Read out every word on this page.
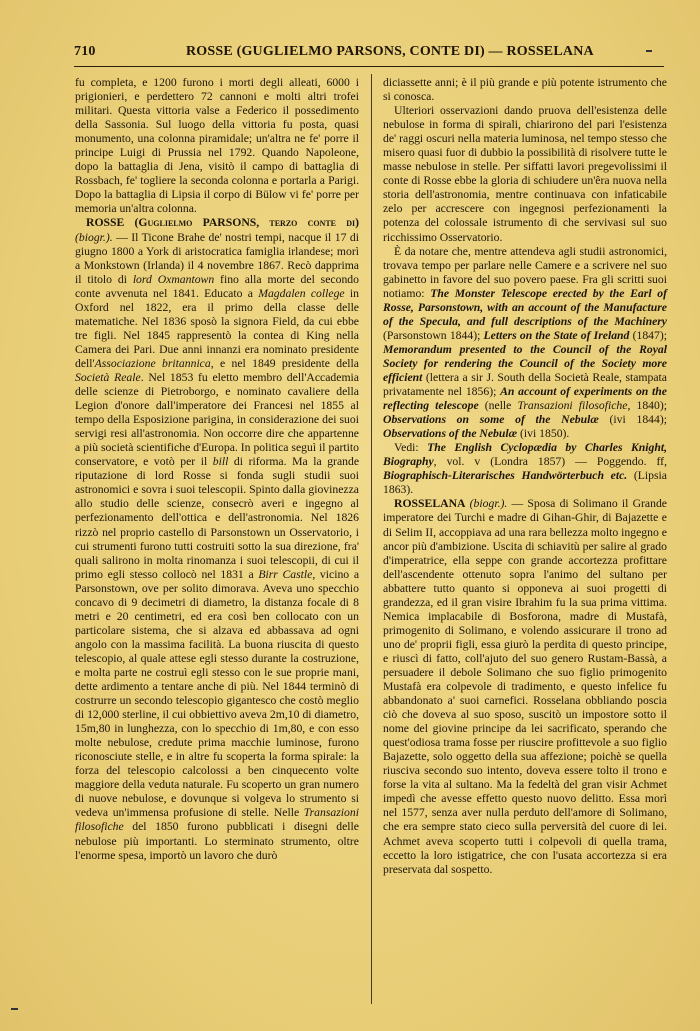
710	ROSSE (GUGLIELMO PARSONS, CONTE DI) — ROSSELANA

fu completa, e 1200 furono i morti degli alleati, 6000 i prigionieri, e perdettero 72 cannoni e molti altri trofei militari. Questa vittoria valse a Federico il possedimento della Sassonia. Sul luogo della vittoria fu posta, quasi monumento, una colonna piramidale; un'altra ne fe' porre il principe Luigi di Prussia nel 1792. Quando Napoleone, dopo la battaglia di Jena, visitò il campo di battaglia di Rossbach, fe' togliere la seconda colonna e portarla a Parigi. Dopo la battaglia di Lipsia il corpo di Bülow vi fe' porre per memoria un'altra colonna.

ROSSE (Guglielmo PARSONS, terzo conte di) (biogr.). — Il Ticone Brahe de' nostri tempi, nacque il 17 di giugno 1800 a York di aristocratica famiglia irlandese; morì a Monkstown (Irlanda) il 4 novembre 1867. Recò dapprima il titolo di lord Oxmantown fino alla morte del secondo conte avvenuta nel 1841. Educato a Magdalen college in Oxford nel 1822, era il primo della classe delle matematiche. Nel 1836 sposò la signora Field, da cui ebbe tre figli. Nel 1845 rappresentò la contea di King nella Camera dei Pari. Due anni innanzi era nominato presidente dell'Associazione britannica, e nel 1849 presidente della Società Reale. Nel 1853 fu eletto membro dell'Accademia delle scienze di Pietroborgo, e nominato cavaliere della Legion d'onore dall'imperatore dei Francesi nel 1855 al tempo della Esposizione parigina, in considerazione dei suoi servigi resi all'astronomia. Non occorre dire che appartenne a più società scientifiche d'Europa. In politica seguì il partito conservatore, e votò per il bill di riforma. Ma la grande riputazione di lord Rosse si fonda sugli studii suoi astronomici e sovra i suoi telescopii. Spinto dalla giovinezza allo studio delle scienze, consecrò averi e ingegno al perfezionamento dell'ottica e dell'astronomia. Nel 1826 rizzò nel proprio castello di Parsonstown un Osservatorio, i cui strumenti furono tutti costruiti sotto la sua direzione, fra' quali salirono in molta rinomanza i suoi telescopii, di cui il primo egli stesso collocò nel 1831 a Birr Castle, vicino a Parsonstown, ove per solito dimorava. Aveva uno specchio concavo di 9 decimetri di diametro, la distanza focale di 8 metri e 20 centimetri, ed era così ben collocato con un particolare sistema, che si alzava ed abbassava ad ogni angolo con la massima facilità. La buona riuscita di questo telescopio, al quale attese egli stesso durante la costruzione, e molta parte ne costruì egli stesso con le sue proprie mani, dette ardimento a tentare anche di più. Nel 1844 terminò di costrurre un secondo telescopio gigantesco che costò meglio di 12,000 sterline, il cui obbiettivo aveva 2m,10 di diametro, 15m,80 in lunghezza, con lo specchio di 1m,80, e con esso molte nebulose, credute prima macchie luminose, furono riconosciute stelle, e in altre fu scoperta la forma spirale: la forza del telescopio calcolossi a ben cinquecento volte maggiore della veduta naturale. Fu scoperto un gran numero di nuove nebulose, e dovunque si volgeva lo strumento si vedeva un'immensa profusione di stelle. Nelle Transazioni filosofiche del 1850 furono pubblicati i disegni delle nebulose più importanti. Lo sterminato strumento, oltre l'enorme spesa, importò un lavoro che durò

diciassette anni; è il più grande e più potente istrumento che si conosca.

Ulteriori osservazioni dando pruova dell'esistenza delle nebulose in forma di spirali, chiarirono del pari l'esistenza de' raggi oscuri nella materia luminosa, nel tempo stesso che misero quasi fuor di dubbio la possibilità di risolvere tutte le masse nebulose in stelle. Per siffatti lavori pregevolissimi il conte di Rosse ebbe la gloria di schiudere un'êra nuova nella storia dell'astronomia, mentre continuava con infaticabile zelo per accrescere con ingegnosi perfezionamenti la potenza del colossale istrumento di che servivasi sul suo ricchissimo Osservatorio.

È da notare che, mentre attendeva agli studii astronomici, trovava tempo per parlare nelle Camere e a scrivere nel suo gabinetto in favore del suo povero paese. Fra gli scritti suoi notiamo: The Monster Telescope erected by the Earl of Rosse, Parsonstown, with an account of the Manufacture of the Specula, and full descriptions of the Machinery (Parsonstown 1844); Letters on the State of Ireland (1847); Memorandum presented to the Council of the Royal Society for rendering the Council of the Society more efficient (lettera a sir J. South della Società Reale, stampata privatamente nel 1856); An account of experiments on the reflecting telescope (nelle Transazioni filosofiche, 1840); Observations on some of the Nebulæ (ivi 1844); Observations of the Nebulæ (ivi 1850).

Vedi: The English Cyclopædia by Charles Knight, Biography, vol. v (Londra 1857) — Poggendo. ff, Biographisch-Literarisches Handwörterbuch etc. (Lipsia 1863).

ROSSELANA (biogr.). — Sposa di Solimano il Grande imperatore dei Turchi e madre di Gihan-Ghir, di Bajazette e di Selim II, accoppiava ad una rara bellezza molto ingegno e ancor più d'ambizione. Uscita di schiavitù per salire al grado d'imperatrice, ella seppe con grande accortezza profittare dell'ascendente ottenuto sopra l'animo del sultano per abbattere tutto quanto si opponeva ai suoi progetti di grandezza, ed il gran visire Ibrahim fu la sua prima vittima. Nemica implacabile di Bosforona, madre di Mustafà, primogenito di Solimano, e volendo assicurare il trono ad uno de' proprii figli, essa giurò la perdita di questo principe, e riuscì di fatto, coll'ajuto del suo genero Rustam-Bassà, a persuadere il debole Solimano che suo figlio primogenito Mustafà era colpevole di tradimento, e questo infelice fu abbandonato a' suoi carnefici. Rosselana obbliando poscia ciò che doveva al suo sposo, suscitò un impostore sotto il nome del giovine principe da lei sacrificato, sperando che quest'odiosa trama fosse per riuscire profittevole a suo figlio Bajazette, solo oggetto della sua affezione; poichè se quella riusciva secondo suo intento, doveva essere tolto il trono e forse la vita al sultano. Ma la fedeltà del gran visir Achmet impedì che avesse effetto questo nuovo delitto. Essa morì nel 1577, senza aver nulla perduto dell'amore di Solimano, che era sempre stato cieco sulla perversità del cuore di lei. Achmet aveva scoperto tutti i colpevoli di quella trama, eccetto la loro istigatrice, che con l'usata accortezza si era preservata dal sospetto.
